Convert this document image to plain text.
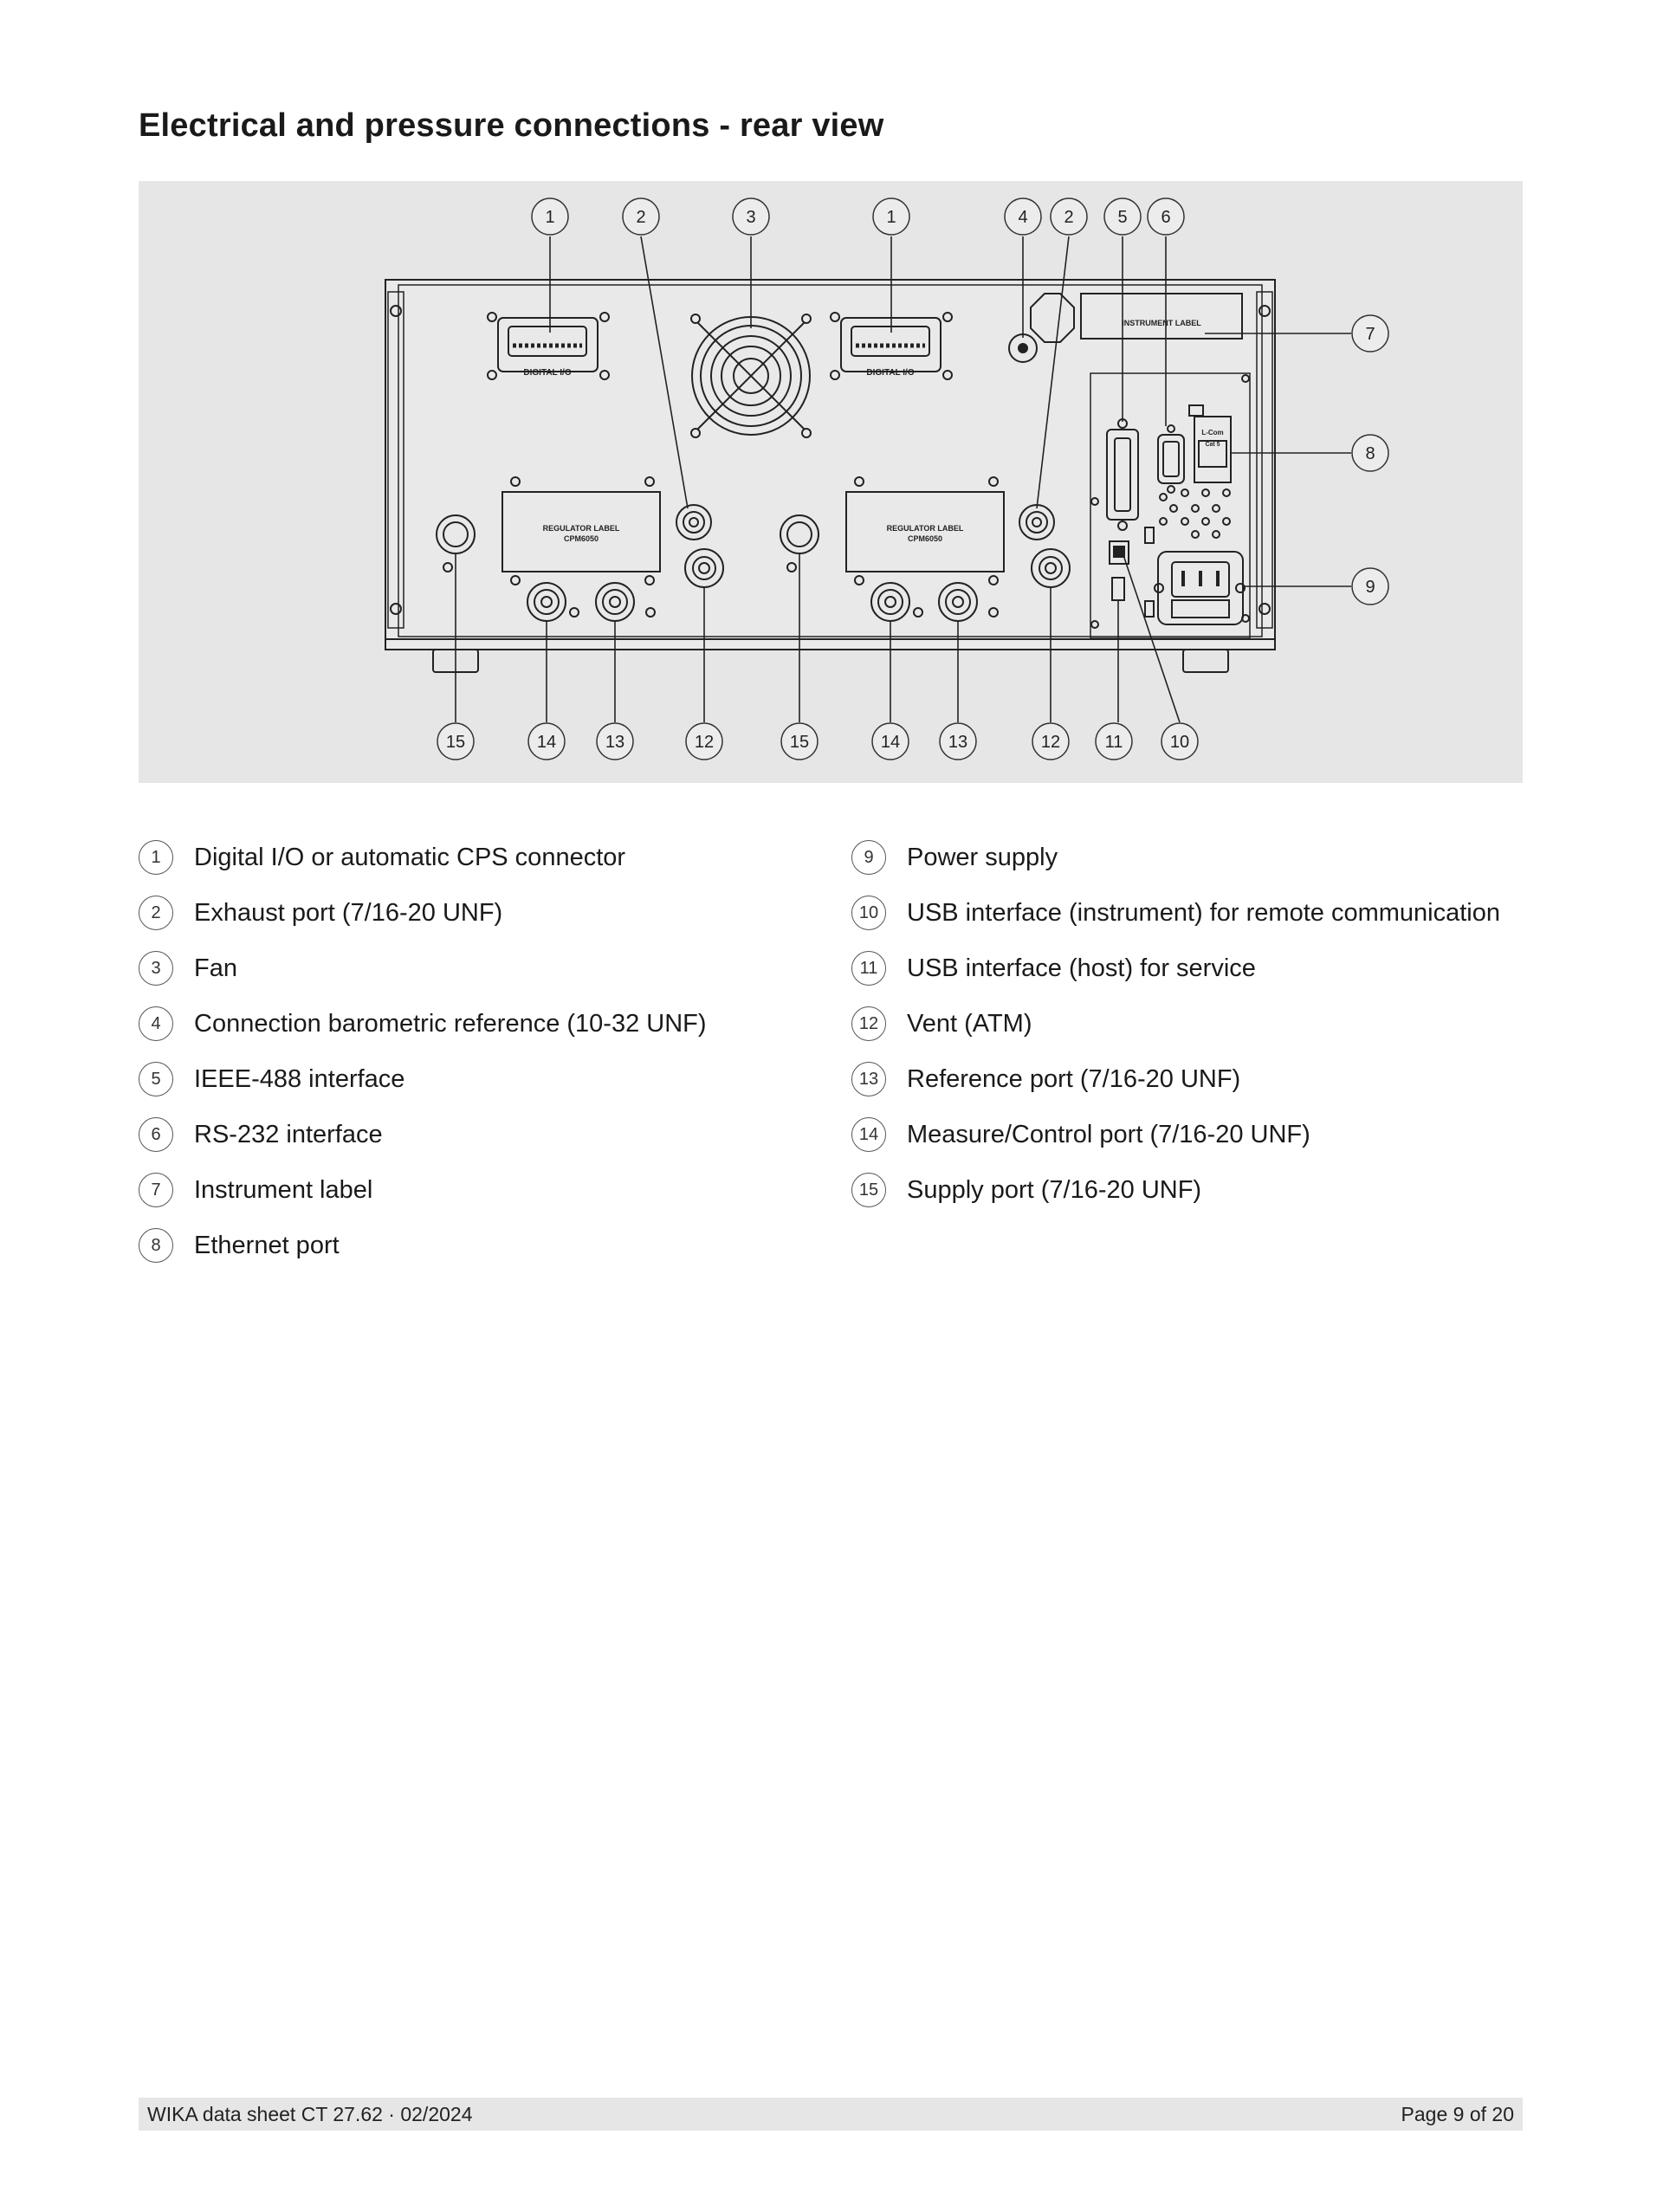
Electrical and pressure connections - rear view
DIGITAL I/O	DIGITAL I/O
INSTRUMENT LABEL
REGULATOR LABEL
CPM6050
REGULATOR LABEL
CPM6050
L-Com
Cat 5
1	2	3	1	4 2	5 6
7
8
9
15	14	13	12	15	14	13	12	11	10
1	Digital I/O or automatic CPS connector
2	Exhaust port (7/16-20 UNF)
3	Fan
4	Connection barometric reference (10-32 UNF)
5	IEEE-488 interface
6	RS-232 interface
7	Instrument label
8	Ethernet port
9	Power supply
10	USB interface (instrument) for remote communication
11	USB interface (host) for service
12	Vent (ATM)
13	Reference port (7/16-20 UNF)
14	Measure/Control port (7/16-20 UNF)
15	Supply port (7/16-20 UNF)
WIKA data sheet CT 27.62 · 02/2024	Page 9 of 20
